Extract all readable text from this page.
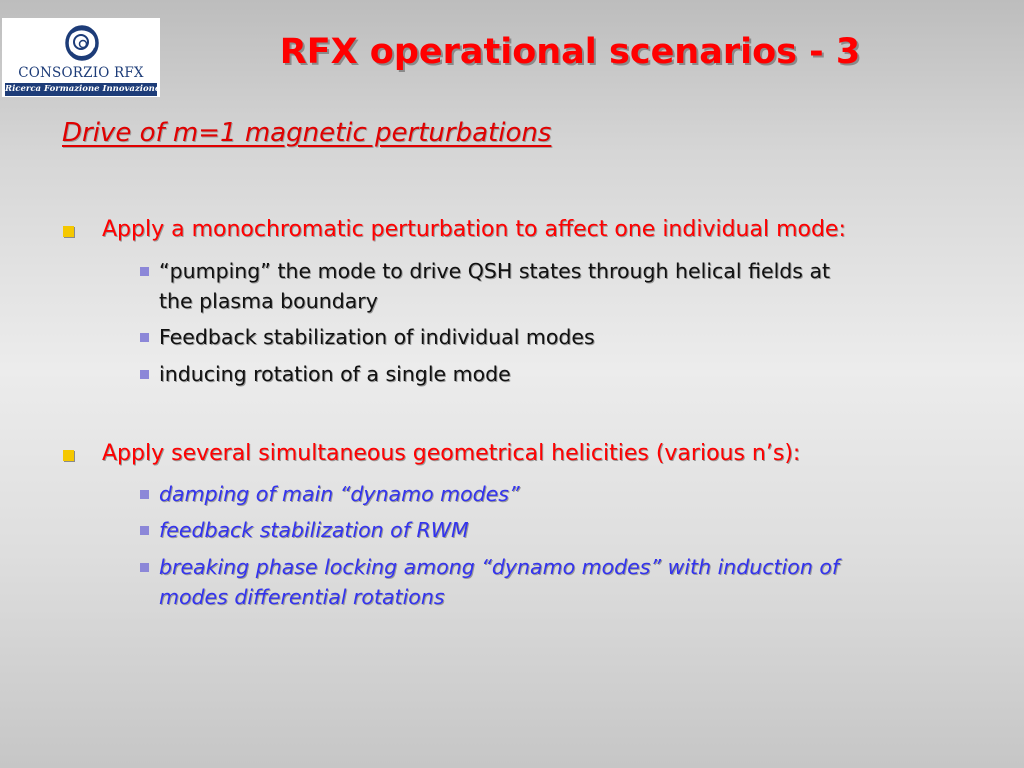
CONSORZIO RFX
Ricerca Formazione Innovazione
RFX operational scenarios - 3
Drive of m=1 magnetic perturbations
Apply a monochromatic perturbation to affect one individual mode:
“pumping” the mode to drive QSH states through helical fields at
the plasma boundary
Feedback stabilization of individual modes
inducing rotation of a single mode
Apply several simultaneous geometrical helicities (various n’s):
damping of main “dynamo modes”
feedback stabilization of RWM
breaking phase locking among “dynamo modes” with induction of
modes differential rotations
